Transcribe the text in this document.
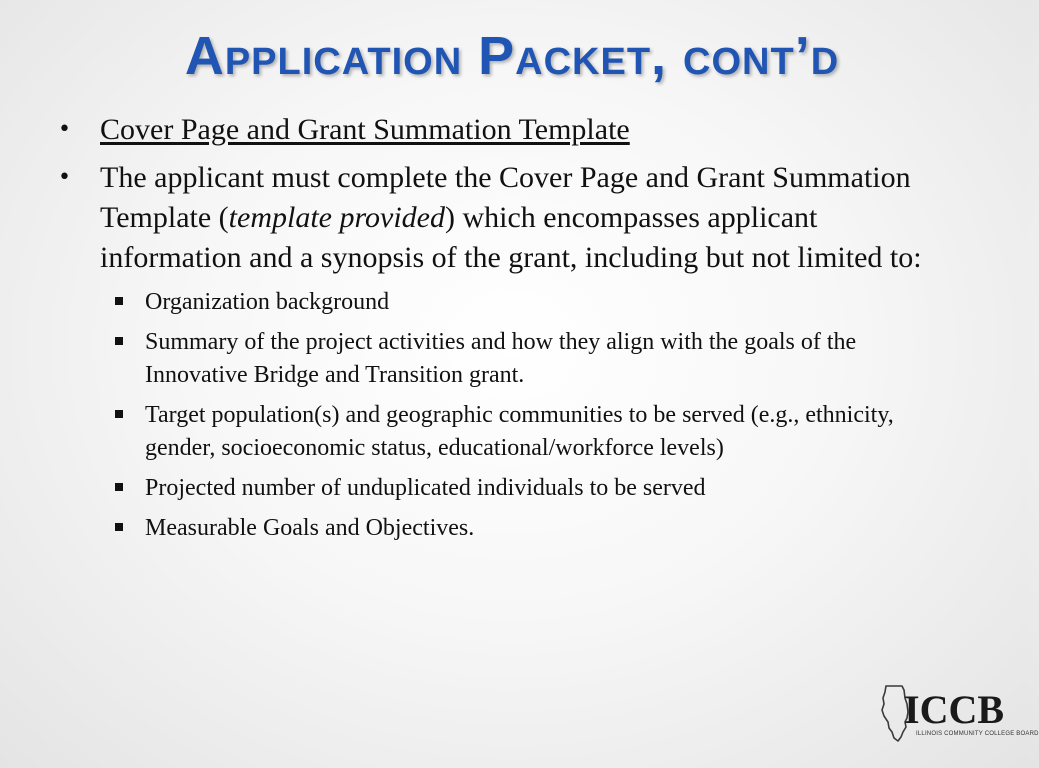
Application Packet, cont’d
• Cover Page and Grant Summation Template
• The applicant must complete the Cover Page and Grant Summation Template (template provided) which encompasses applicant information and a synopsis of the grant, including but not limited to:
Organization background
Summary of the project activities and how they align with the goals of the Innovative Bridge and Transition grant.
Target population(s) and geographic communities to be served (e.g., ethnicity, gender, socioeconomic status, educational/workforce levels)
Projected number of unduplicated individuals to be served
Measurable Goals and Objectives.
ICCB
ILLINOIS COMMUNITY COLLEGE BOARD
